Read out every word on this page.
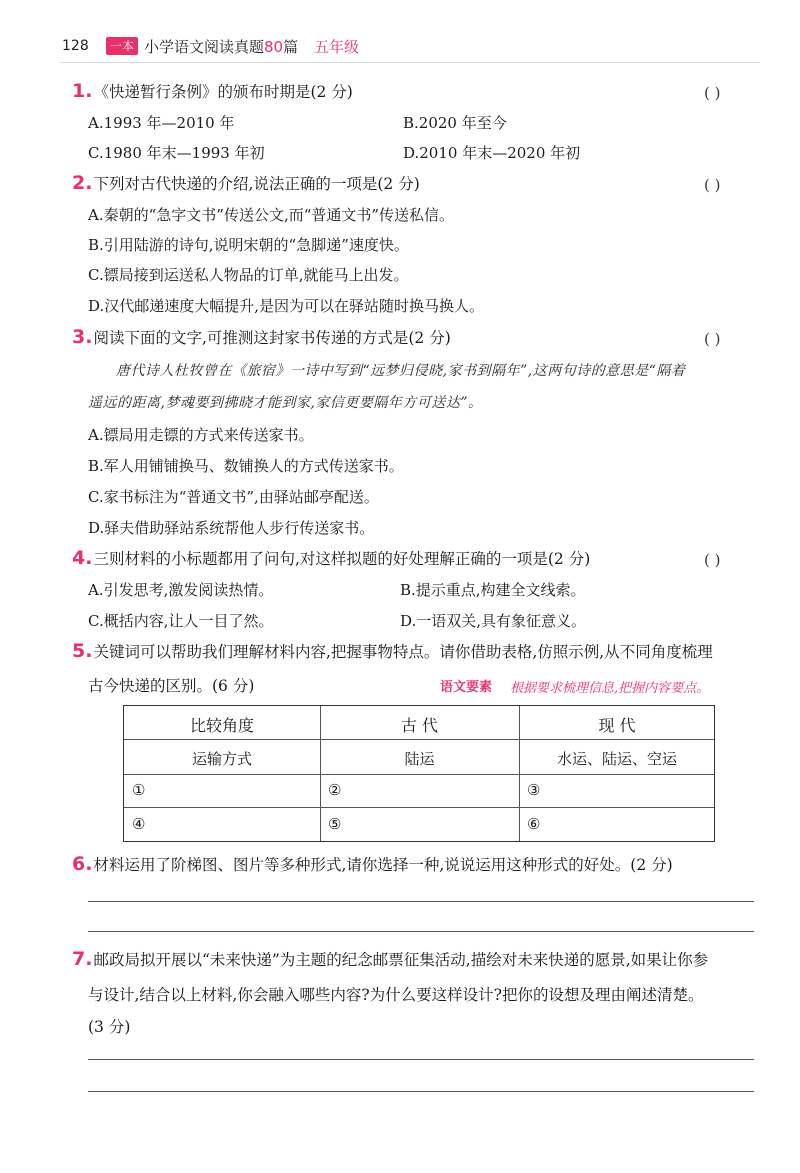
128	一本 小学语文阅读真题80篇 五年级
1.《快递暂行条例》的颁布时期是(2 分)	( )
A.1993 年—2010 年	B.2020 年至今
C.1980 年末—1993 年初	D.2010 年末—2020 年初
2.下列对古代快递的介绍,说法正确的一项是(2 分)	( )
A.秦朝的“急字文书”传送公文,而“普通文书”传送私信。
B.引用陆游的诗句,说明宋朝的“急脚递”速度快。
C.镖局接到运送私人物品的订单,就能马上出发。
D.汉代邮递速度大幅提升,是因为可以在驿站随时换马换人。
3.阅读下面的文字,可推测这封家书传递的方式是(2 分)	( )
唐代诗人杜牧曾在《旅宿》一诗中写到“远梦归侵晓,家书到隔年”,这两句诗的意思是“隔着
遥远的距离,梦魂要到拂晓才能到家,家信更要隔年方可送达”。
A.镖局用走镖的方式来传送家书。
B.军人用铺铺换马、数铺换人的方式传送家书。
C.家书标注为“普通文书”,由驿站邮亭配送。
D.驿夫借助驿站系统帮他人步行传送家书。
4.三则材料的小标题都用了问句,对这样拟题的好处理解正确的一项是(2 分)	( )
A.引发思考,激发阅读热情。	B.提示重点,构建全文线索。
C.概括内容,让人一目了然。	D.一语双关,具有象征意义。
5.关键词可以帮助我们理解材料内容,把握事物特点。请你借助表格,仿照示例,从不同角度梳理
古今快递的区别。(6 分)	语文要素 根据要求梳理信息,把握内容要点。
比较角度	古 代	现 代
运输方式	陆运	水运、陆运、空运
①	②	③
④	⑤	⑥
6.材料运用了阶梯图、图片等多种形式,请你选择一种,说说运用这种形式的好处。(2 分)
7.邮政局拟开展以“未来快递”为主题的纪念邮票征集活动,描绘对未来快递的愿景,如果让你参
与设计,结合以上材料,你会融入哪些内容?为什么要这样设计?把你的设想及理由阐述清楚。
(3 分)
